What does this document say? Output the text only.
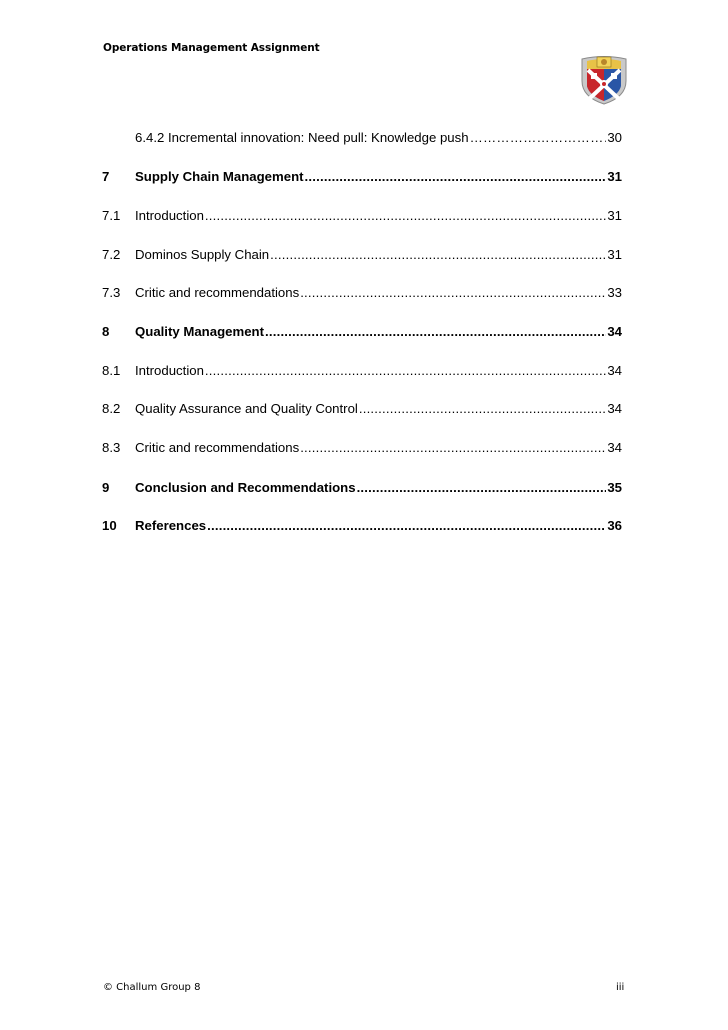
Operations Management Assignment
6.4.2 Incremental innovation: Need pull: Knowledge push …………………………………………………………………………………………………………………………………………………………	30
7	Supply Chain Management .....	31
7.1	Introduction .....	31
7.2	Dominos Supply Chain .....	31
7.3	Critic and recommendations .....	33
8	Quality Management .....	34
8.1	Introduction .....	34
8.2	Quality Assurance and Quality Control .....	34
8.3	Critic and recommendations .....	34
9	Conclusion and Recommendations .....	35
10	References .....	36
© Challum Group 8	iii
